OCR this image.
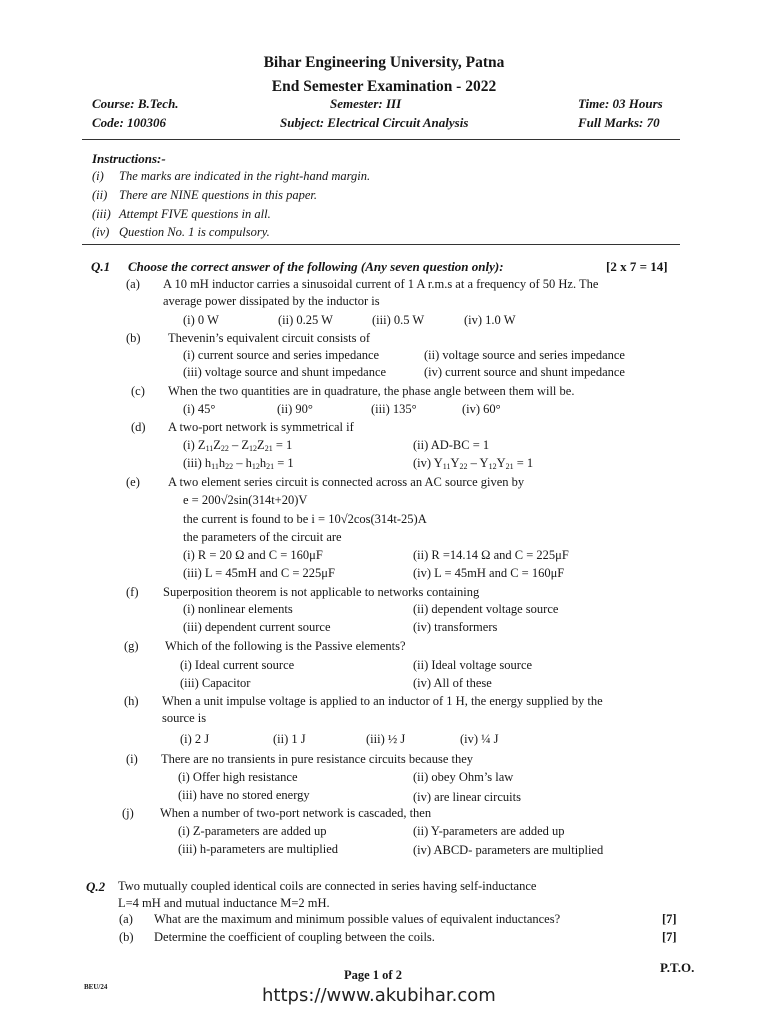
Bihar Engineering University, Patna
End Semester Examination - 2022
Course: B.Tech.	Semester: III	Time: 03 Hours
Code: 100306	Subject: Electrical Circuit Analysis	Full Marks: 70
Instructions:-
(i) The marks are indicated in the right-hand margin.
(ii) There are NINE questions in this paper.
(iii) Attempt FIVE questions in all.
(iv) Question No. 1 is compulsory.
Q.1 Choose the correct answer of the following (Any seven question only):	[2 x 7 = 14]
(a) A 10 mH inductor carries a sinusoidal current of 1 A r.m.s at a frequency of 50 Hz. The
average power dissipated by the inductor is
(i) 0 W	(ii) 0.25 W	(iii) 0.5 W	(iv) 1.0 W
(b) Thevenin’s equivalent circuit consists of
(i) current source and series impedance	(ii) voltage source and series impedance
(iii) voltage source and shunt impedance	(iv) current source and shunt impedance
(c) When the two quantities are in quadrature, the phase angle between them will be.
(i) 45°	(ii) 90°	(iii) 135°	(iv) 60°
(d) A two-port network is symmetrical if
(i) $Z_{11}Z_{22} - Z_{12}Z_{21} = 1$	(ii) AD-BC = 1
(iii) $h_{11}h_{22} - h_{12}h_{21} = 1$	(iv) $Y_{11}Y_{22} - Y_{12}Y_{21} = 1$
(e) A two element series circuit is connected across an AC source given by
e = 200√2sin(314t+20)V
the current is found to be i = 10√2cos(314t-25)A
the parameters of the circuit are
(i) R = 20 Ω and C = 160μF	(ii) R =14.14 Ω and C = 225μF
(iii) L = 45mH and C = 225μF	(iv) L = 45mH and C = 160μF
(f) Superposition theorem is not applicable to networks containing
(i) nonlinear elements	(ii) dependent voltage source
(iii) dependent current source	(iv) transformers
(g) Which of the following is the Passive elements?
(i) Ideal current source	(ii) Ideal voltage source
(iii) Capacitor	(iv) All of these
(h) When a unit impulse voltage is applied to an inductor of 1 H, the energy supplied by the
source is
(i) 2 J	(ii) 1 J	(iii) ½ J	(iv) ¼ J
(i) There are no transients in pure resistance circuits because they
(i) Offer high resistance	(ii) obey Ohm’s law
(iii) have no stored energy	(iv) are linear circuits
(j) When a number of two-port network is cascaded, then
(i) Z-parameters are added up	(ii) Y-parameters are added up
(iii) h-parameters are multiplied	(iv) ABCD- parameters are multiplied
Q.2 Two mutually coupled identical coils are connected in series having self-inductance
L=4 mH and mutual inductance M=2 mH.
(a) What are the maximum and minimum possible values of equivalent inductances?	[7]
(b) Determine the coefficient of coupling between the coils.	[7]
P.T.O.
Page 1 of 2
BEU/24	https://www.akubihar.com
